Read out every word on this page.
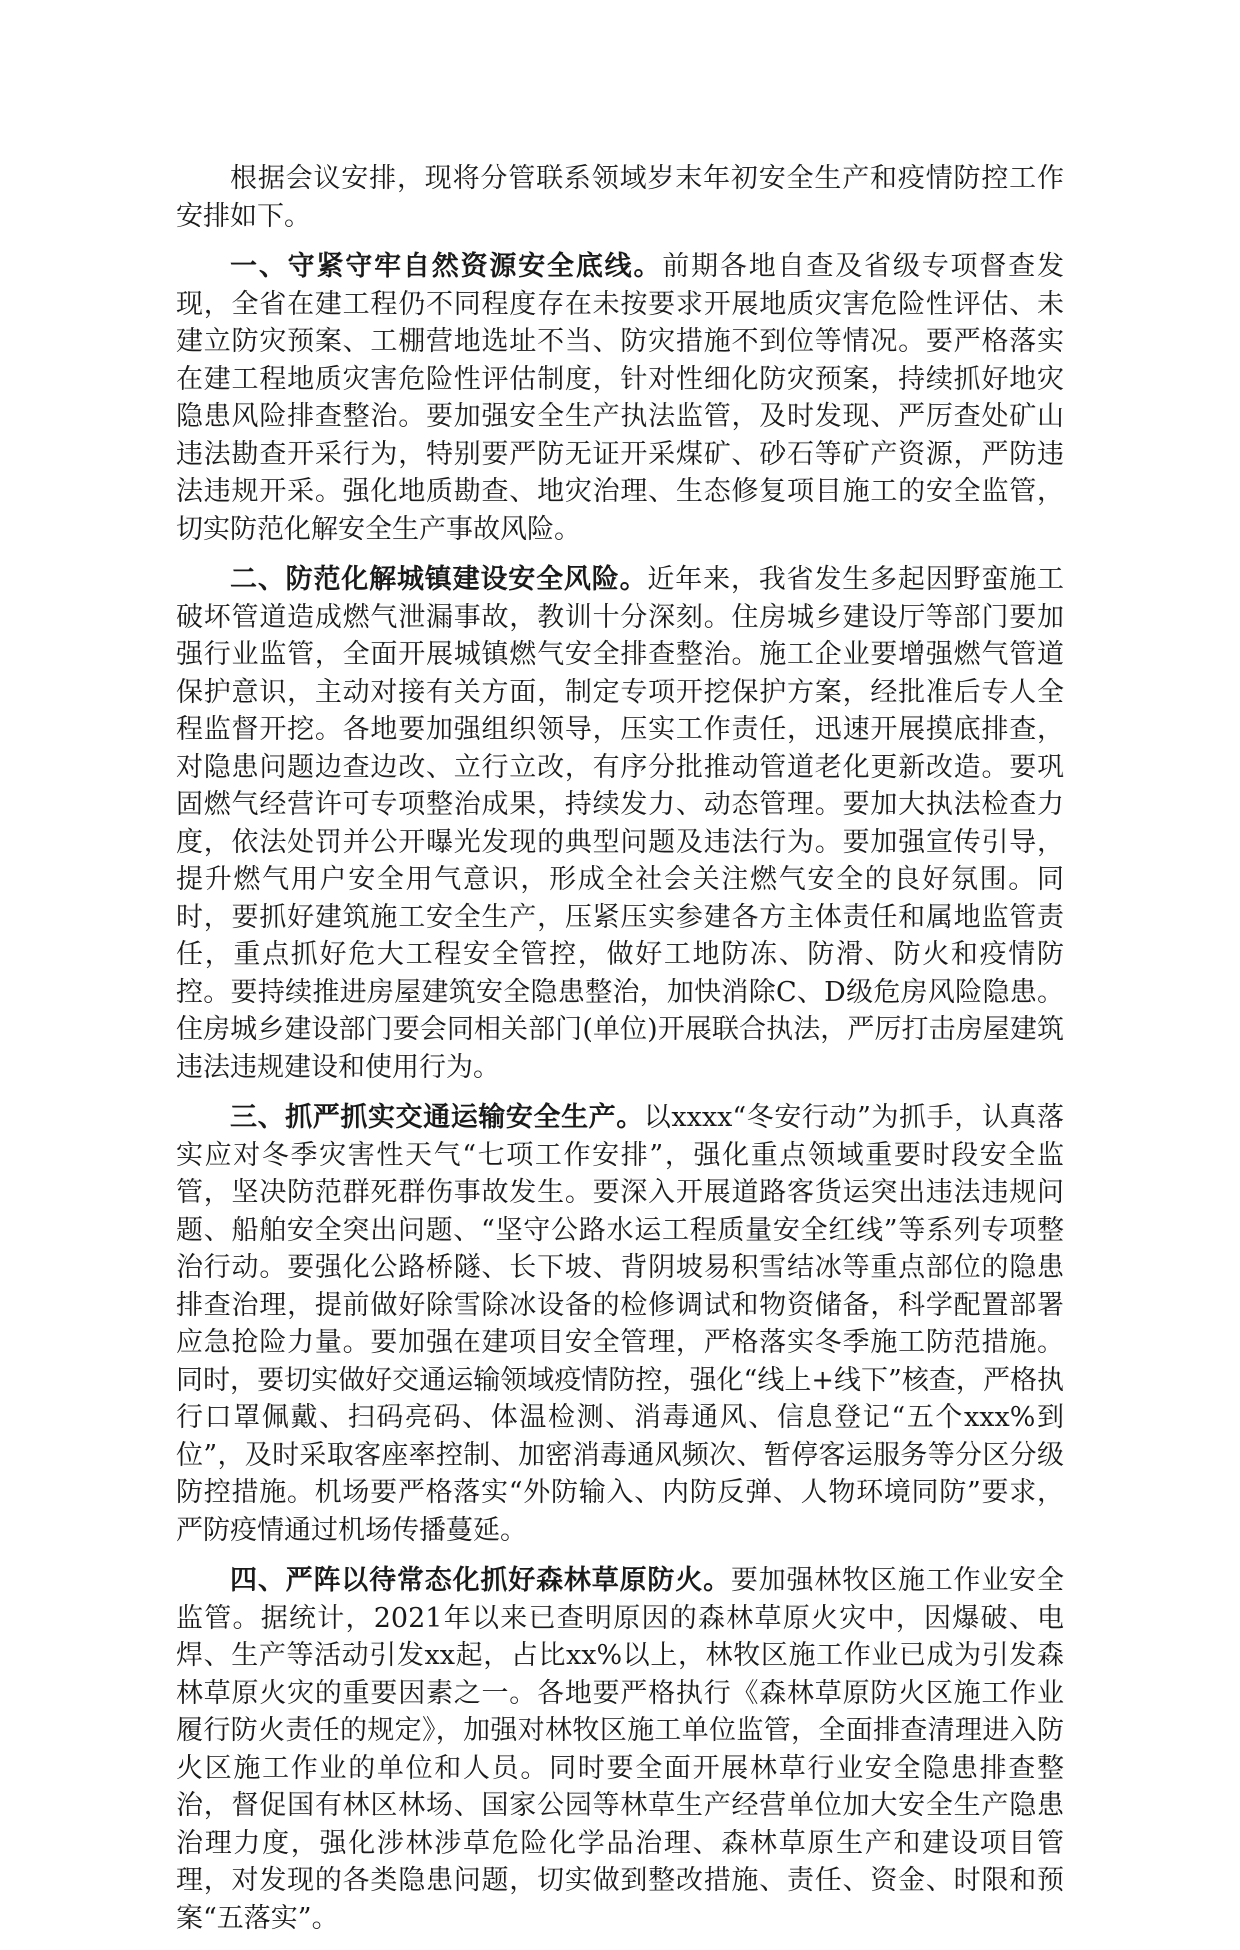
根据会议安排，现将分管联系领域岁末年初安全生产和疫情防控工作安排如下。

一、守紧守牢自然资源安全底线。前期各地自查及省级专项督查发现，全省在建工程仍不同程度存在未按要求开展地质灾害危险性评估、未建立防灾预案、工棚营地选址不当、防灾措施不到位等情况。要严格落实在建工程地质灾害危险性评估制度，针对性细化防灾预案，持续抓好地灾隐患风险排查整治。要加强安全生产执法监管，及时发现、严厉查处矿山违法勘查开采行为，特别要严防无证开采煤矿、砂石等矿产资源，严防违法违规开采。强化地质勘查、地灾治理、生态修复项目施工的安全监管，切实防范化解安全生产事故风险。

二、防范化解城镇建设安全风险。近年来，我省发生多起因野蛮施工破坏管道造成燃气泄漏事故，教训十分深刻。住房城乡建设厅等部门要加强行业监管，全面开展城镇燃气安全排查整治。施工企业要增强燃气管道保护意识，主动对接有关方面，制定专项开挖保护方案，经批准后专人全程监督开挖。各地要加强组织领导，压实工作责任，迅速开展摸底排查，对隐患问题边查边改、立行立改，有序分批推动管道老化更新改造。要巩固燃气经营许可专项整治成果，持续发力、动态管理。要加大执法检查力度，依法处罚并公开曝光发现的典型问题及违法行为。要加强宣传引导，提升燃气用户安全用气意识，形成全社会关注燃气安全的良好氛围。同时，要抓好建筑施工安全生产，压紧压实参建各方主体责任和属地监管责任，重点抓好危大工程安全管控，做好工地防冻、防滑、防火和疫情防控。要持续推进房屋建筑安全隐患整治，加快消除C、D级危房风险隐患。住房城乡建设部门要会同相关部门(单位)开展联合执法，严厉打击房屋建筑违法违规建设和使用行为。

三、抓严抓实交通运输安全生产。以xxxx“冬安行动”为抓手，认真落实应对冬季灾害性天气“七项工作安排”，强化重点领域重要时段安全监管，坚决防范群死群伤事故发生。要深入开展道路客货运突出违法违规问题、船舶安全突出问题、“坚守公路水运工程质量安全红线”等系列专项整治行动。要强化公路桥隧、长下坡、背阴坡易积雪结冰等重点部位的隐患排查治理，提前做好除雪除冰设备的检修调试和物资储备，科学配置部署应急抢险力量。要加强在建项目安全管理，严格落实冬季施工防范措施。同时，要切实做好交通运输领域疫情防控，强化“线上+线下”核查，严格执行口罩佩戴、扫码亮码、体温检测、消毒通风、信息登记“五个xxx%到位”，及时采取客座率控制、加密消毒通风频次、暂停客运服务等分区分级防控措施。机场要严格落实“外防输入、内防反弹、人物环境同防”要求，严防疫情通过机场传播蔓延。

四、严阵以待常态化抓好森林草原防火。要加强林牧区施工作业安全监管。据统计，2021年以来已查明原因的森林草原火灾中，因爆破、电焊、生产等活动引发xx起，占比xx%以上，林牧区施工作业已成为引发森林草原火灾的重要因素之一。各地要严格执行《森林草原防火区施工作业履行防火责任的规定》，加强对林牧区施工单位监管，全面排查清理进入防火区施工作业的单位和人员。同时要全面开展林草行业安全隐患排查整治，督促国有林区林场、国家公园等林草生产经营单位加大安全生产隐患治理力度，强化涉林涉草危险化学品治理、森林草原生产和建设项目管理，对发现的各类隐患问题，切实做到整改措施、责任、资金、时限和预案“五落实”。
